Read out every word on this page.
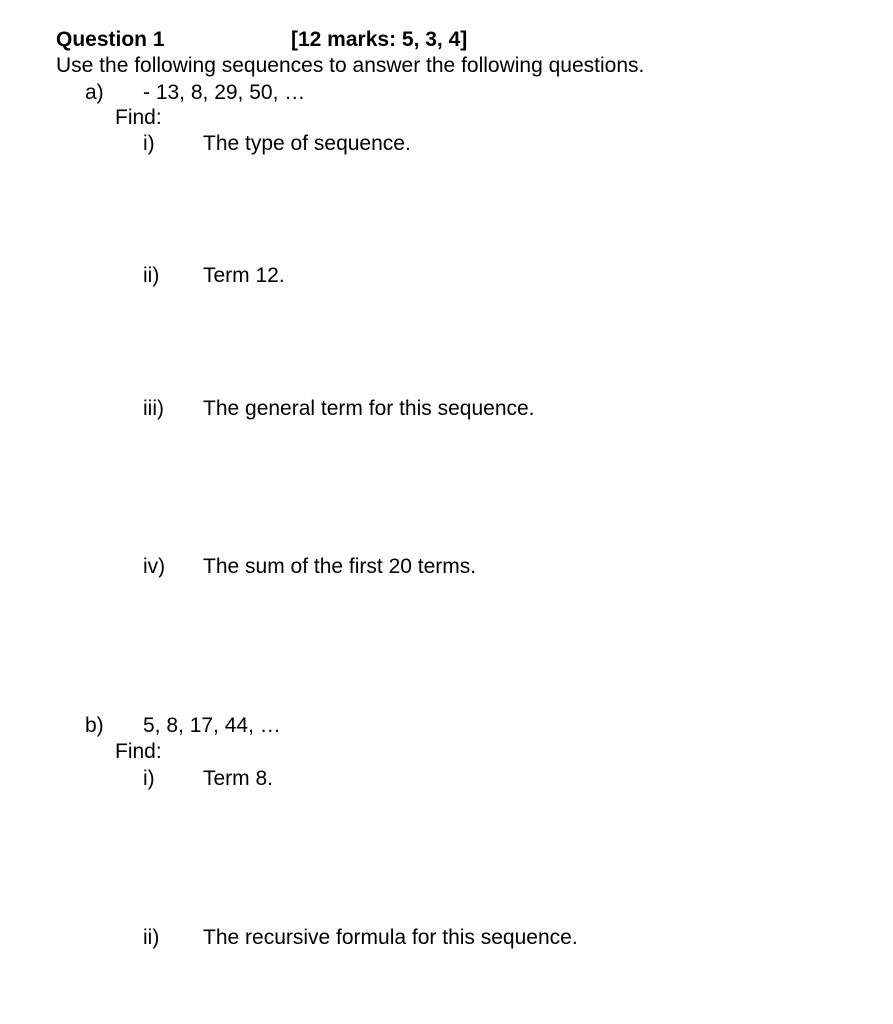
Question 1	[12 marks: 5, 3, 4]
Use the following sequences to answer the following questions.
a) - 13, 8, 29, 50, …
Find:
i) The type of sequence.
ii) Term 12.
iii) The general term for this sequence.
iv) The sum of the first 20 terms.
b) 5, 8, 17, 44, …
Find:
i) Term 8.
ii) The recursive formula for this sequence.
